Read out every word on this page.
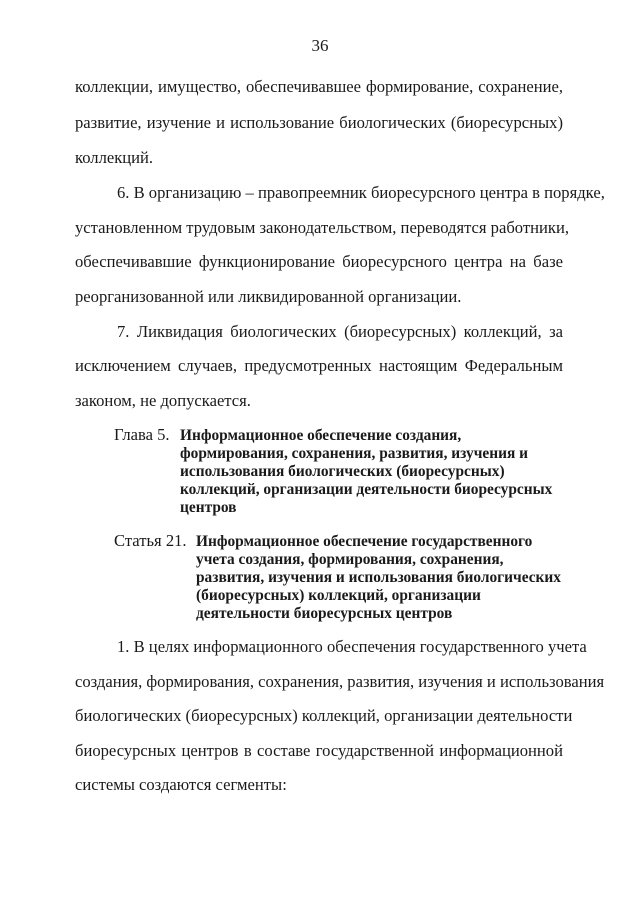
36
коллекции, имущество, обеспечивавшее формирование, сохранение,
развитие, изучение и использование биологических (биоресурсных)
коллекций.
6. В организацию – правопреемник биоресурсного центра в порядке,
установленном трудовым законодательством, переводятся работники,
обеспечивавшие функционирование биоресурсного центра на базе
реорганизованной или ликвидированной организации.
7. Ликвидация биологических (биоресурсных) коллекций, за
исключением случаев, предусмотренных настоящим Федеральным
законом, не допускается.
Глава 5. Информационное обеспечение создания,
формирования, сохранения, развития, изучения и
использования биологических (биоресурсных)
коллекций, организации деятельности биоресурсных
центров
Статья 21. Информационное обеспечение государственного
учета создания, формирования, сохранения,
развития, изучения и использования биологических
(биоресурсных) коллекций, организации
деятельности биоресурсных центров
1. В целях информационного обеспечения государственного учета
создания, формирования, сохранения, развития, изучения и использования
биологических (биоресурсных) коллекций, организации деятельности
биоресурсных центров в составе государственной информационной
системы создаются сегменты:
